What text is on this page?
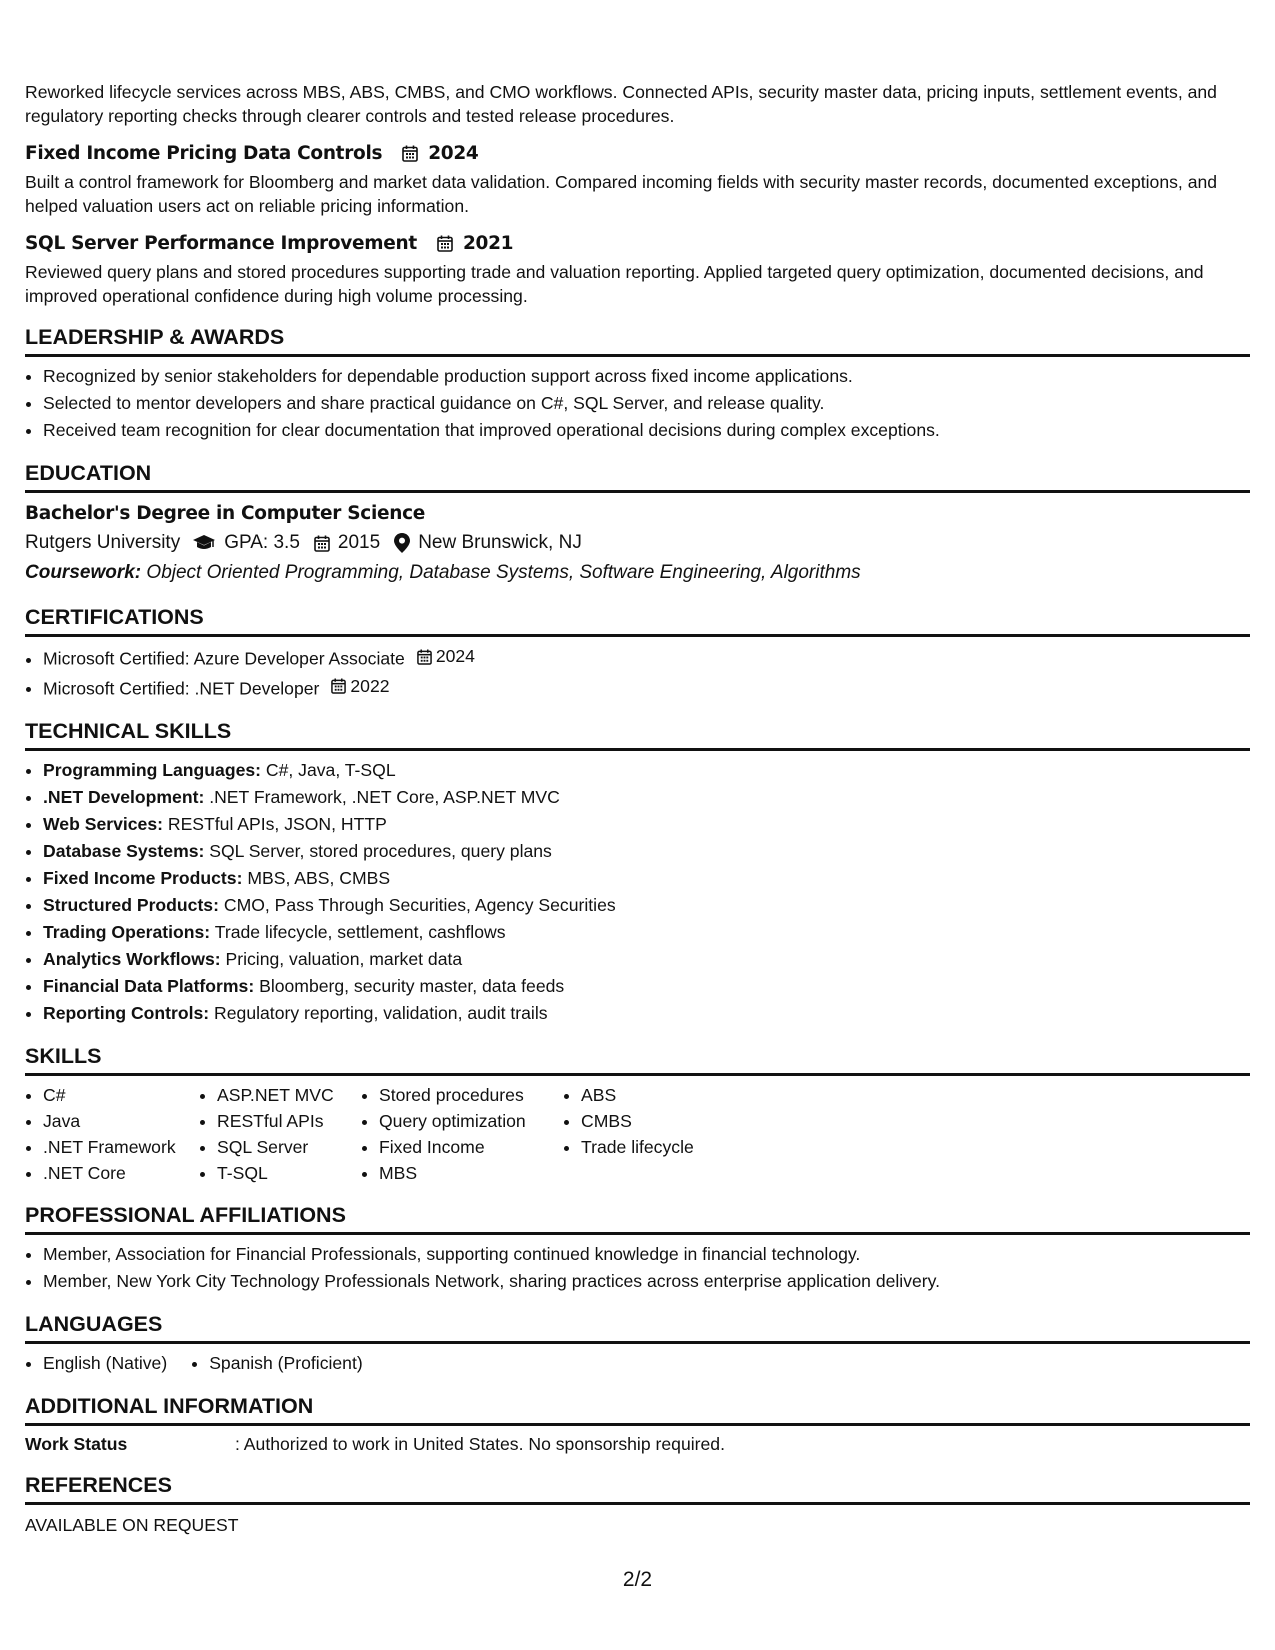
Reworked lifecycle services across MBS, ABS, CMBS, and CMO workflows. Connected APIs, security master data, pricing inputs, settlement events, and regulatory reporting checks through clearer controls and tested release procedures.
Fixed Income Pricing Data Controls 2024
Built a control framework for Bloomberg and market data validation. Compared incoming fields with security master records, documented exceptions, and helped valuation users act on reliable pricing information.
SQL Server Performance Improvement 2021
Reviewed query plans and stored procedures supporting trade and valuation reporting. Applied targeted query optimization, documented decisions, and improved operational confidence during high volume processing.
LEADERSHIP & AWARDS
• Recognized by senior stakeholders for dependable production support across fixed income applications.
• Selected to mentor developers and share practical guidance on C#, SQL Server, and release quality.
• Received team recognition for clear documentation that improved operational decisions during complex exceptions.
EDUCATION
Bachelor's Degree in Computer Science
Rutgers University GPA: 3.5 2015 New Brunswick, NJ
Coursework: Object Oriented Programming, Database Systems, Software Engineering, Algorithms
CERTIFICATIONS
• Microsoft Certified: Azure Developer Associate 2024
• Microsoft Certified: .NET Developer 2022
TECHNICAL SKILLS
• Programming Languages: C#, Java, T-SQL
• .NET Development: .NET Framework, .NET Core, ASP.NET MVC
• Web Services: RESTful APIs, JSON, HTTP
• Database Systems: SQL Server, stored procedures, query plans
• Fixed Income Products: MBS, ABS, CMBS
• Structured Products: CMO, Pass Through Securities, Agency Securities
• Trading Operations: Trade lifecycle, settlement, cashflows
• Analytics Workflows: Pricing, valuation, market data
• Financial Data Platforms: Bloomberg, security master, data feeds
• Reporting Controls: Regulatory reporting, validation, audit trails
SKILLS
• C#
• Java
• .NET Framework
• .NET Core
• ASP.NET MVC
• RESTful APIs
• SQL Server
• T-SQL
• Stored procedures
• Query optimization
• Fixed Income
• MBS
• ABS
• CMBS
• Trade lifecycle
PROFESSIONAL AFFILIATIONS
• Member, Association for Financial Professionals, supporting continued knowledge in financial technology.
• Member, New York City Technology Professionals Network, sharing practices across enterprise application delivery.
LANGUAGES
• English (Native)
• Spanish (Proficient)
ADDITIONAL INFORMATION
Work Status	: Authorized to work in United States. No sponsorship required.
REFERENCES
AVAILABLE ON REQUEST
2/2
